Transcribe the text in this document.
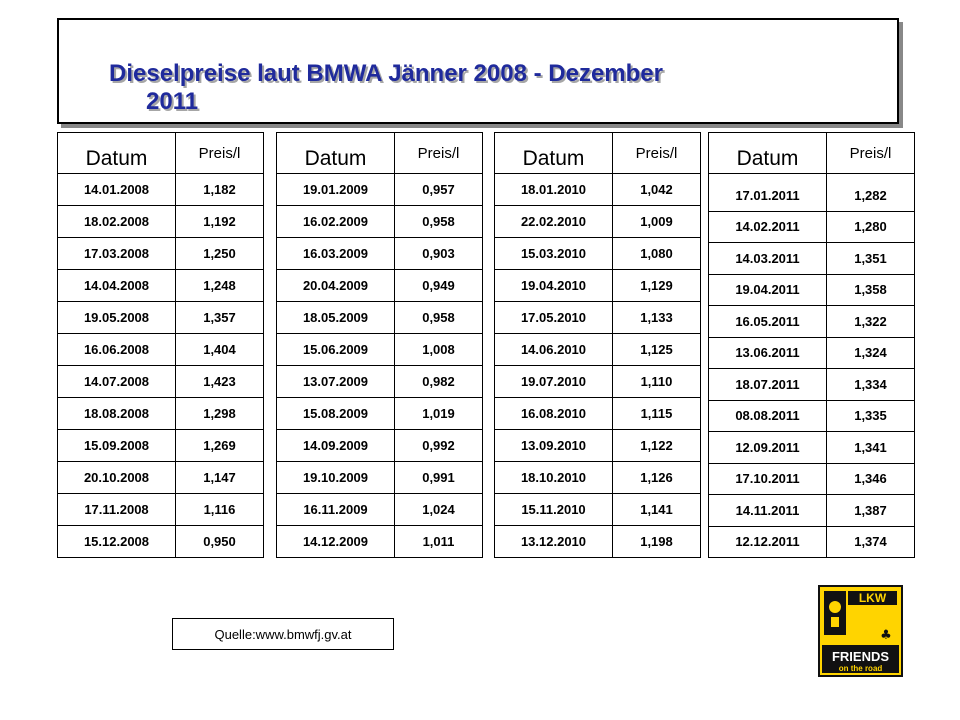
Dieselpreise laut BMWA Jänner 2008 - Dezember
2011
Datum	Preis/l
14.01.2008	1,182
18.02.2008	1,192
17.03.2008	1,250
14.04.2008	1,248
19.05.2008	1,357
16.06.2008	1,404
14.07.2008	1,423
18.08.2008	1,298
15.09.2008	1,269
20.10.2008	1,147
17.11.2008	1,116
15.12.2008	0,950
Datum	Preis/l
19.01.2009	0,957
16.02.2009	0,958
16.03.2009	0,903
20.04.2009	0,949
18.05.2009	0,958
15.06.2009	1,008
13.07.2009	0,982
15.08.2009	1,019
14.09.2009	0,992
19.10.2009	0,991
16.11.2009	1,024
14.12.2009	1,011
Datum	Preis/l
18.01.2010	1,042
22.02.2010	1,009
15.03.2010	1,080
19.04.2010	1,129
17.05.2010	1,133
14.06.2010	1,125
19.07.2010	1,110
16.08.2010	1,115
13.09.2010	1,122
18.10.2010	1,126
15.11.2010	1,141
13.12.2010	1,198
Datum	Preis/l

17.01.2011	1,282
14.02.2011	1,280
14.03.2011	1,351
19.04.2011	1,358
16.05.2011	1,322
13.06.2011	1,324
18.07.2011	1,334
08.08.2011	1,335
12.09.2011	1,341
17.10.2011	1,346
14.11.2011	1,387
12.12.2011	1,374
Quelle:www.bmwfj.gv.at
LKW
♣
FRIENDS
on the road
